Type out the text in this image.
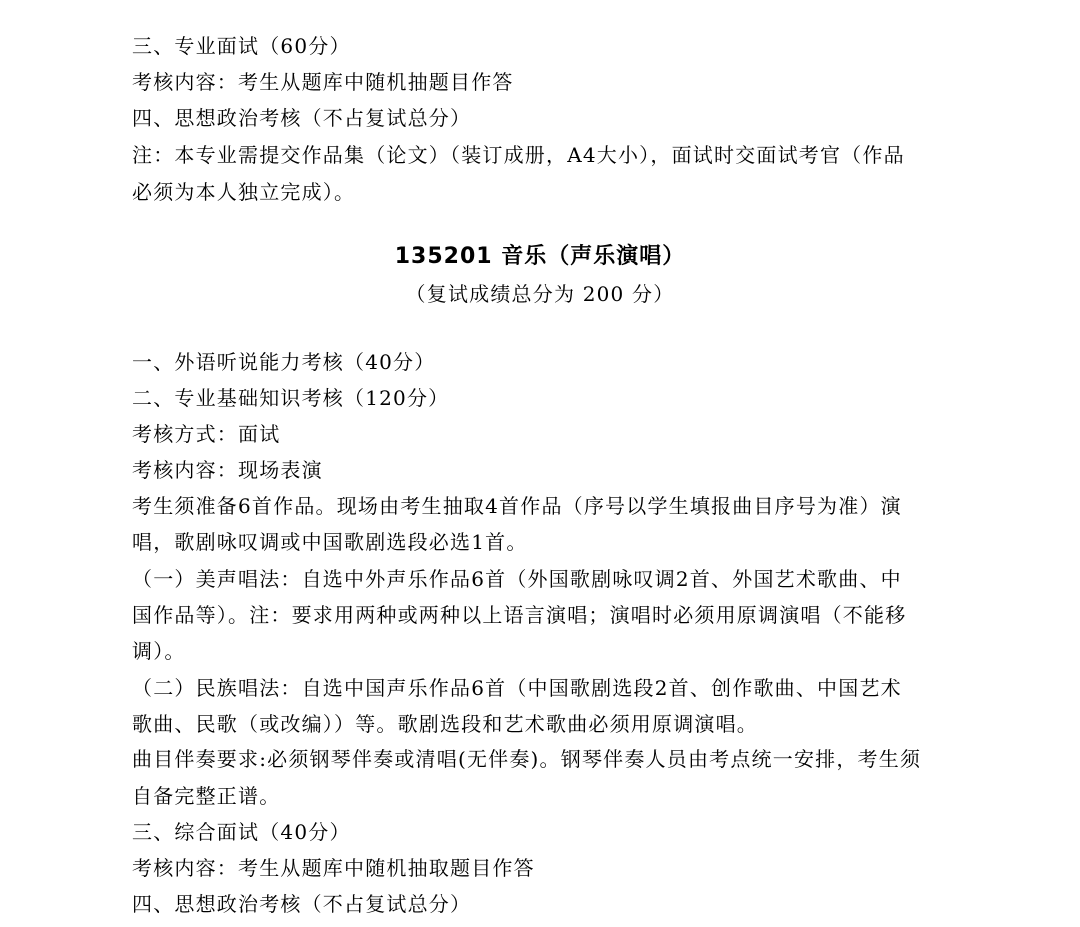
三、专业面试（60分）
考核内容：考生从题库中随机抽题目作答
四、思想政治考核（不占复试总分）
注：本专业需提交作品集（论文）（装订成册，A4大小），面试时交面试考官（作品
必须为本人独立完成）。
135201 音乐（声乐演唱）
（复试成绩总分为 200 分）
一、外语听说能力考核（40分）
二、专业基础知识考核（120分）
考核方式：面试
考核内容：现场表演
考生须准备6首作品。现场由考生抽取4首作品（序号以学生填报曲目序号为准）演
唱，歌剧咏叹调或中国歌剧选段必选1首。
（一）美声唱法：自选中外声乐作品6首（外国歌剧咏叹调2首、外国艺术歌曲、中
国作品等）。注：要求用两种或两种以上语言演唱；演唱时必须用原调演唱（不能移
调）。
（二）民族唱法：自选中国声乐作品6首（中国歌剧选段2首、创作歌曲、中国艺术
歌曲、民歌（或改编））等。歌剧选段和艺术歌曲必须用原调演唱。
曲目伴奏要求:必须钢琴伴奏或清唱(无伴奏)。钢琴伴奏人员由考点统一安排，考生须
自备完整正谱。
三、综合面试（40分）
考核内容：考生从题库中随机抽取题目作答
四、思想政治考核（不占复试总分）
